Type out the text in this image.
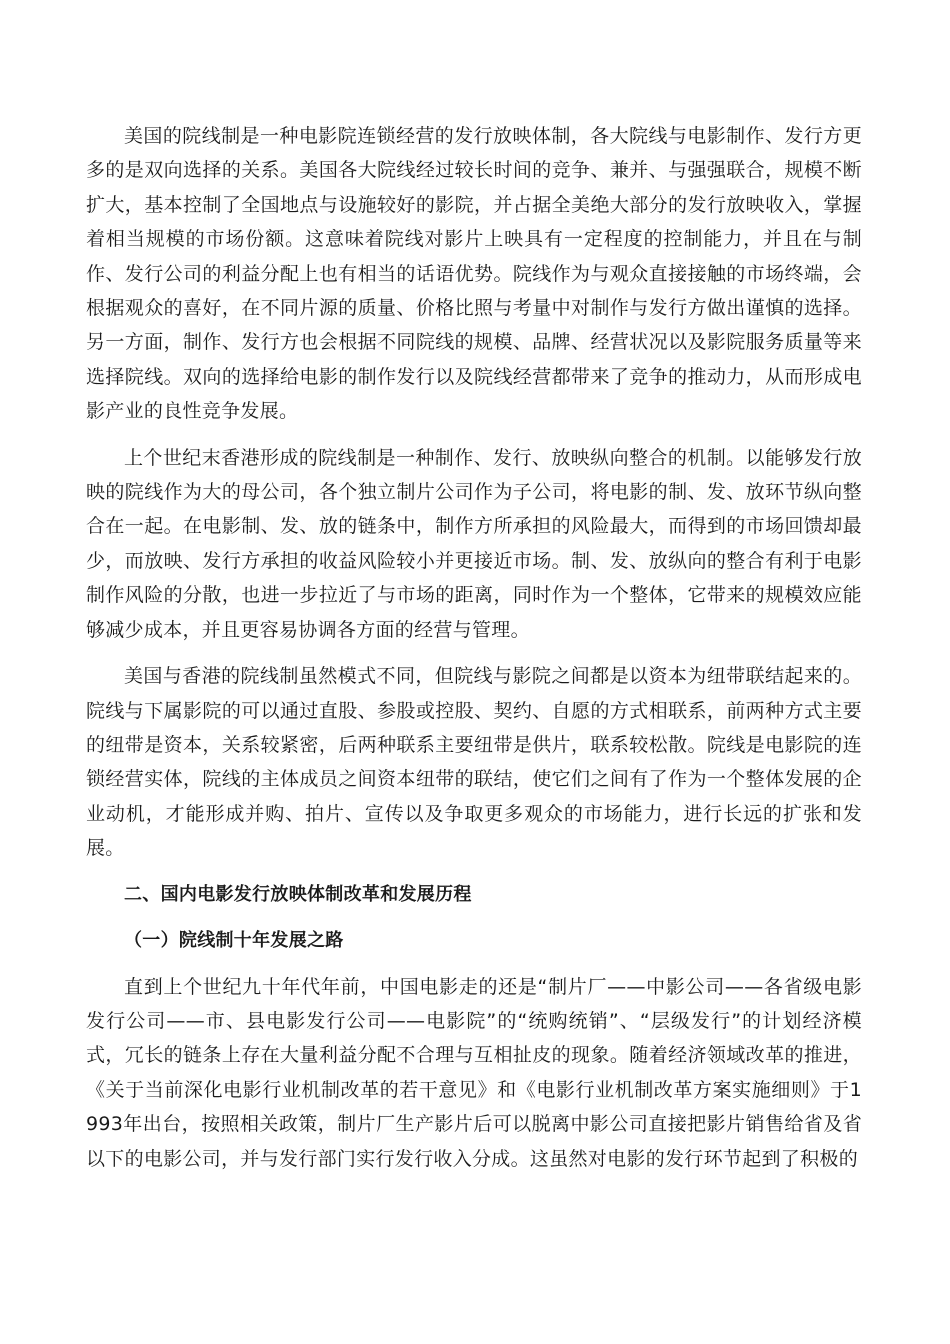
美国的院线制是一种电影院连锁经营的发行放映体制，各大院线与电影制作、发行方更多的是双向选择的关系。美国各大院线经过较长时间的竞争、兼并、与强强联合，规模不断扩大，基本控制了全国地点与设施较好的影院，并占据全美绝大部分的发行放映收入，掌握着相当规模的市场份额。这意味着院线对影片上映具有一定程度的控制能力，并且在与制作、发行公司的利益分配上也有相当的话语优势。院线作为与观众直接接触的市场终端，会根据观众的喜好，在不同片源的质量、价格比照与考量中对制作与发行方做出谨慎的选择。另一方面，制作、发行方也会根据不同院线的规模、品牌、经营状况以及影院服务质量等来选择院线。双向的选择给电影的制作发行以及院线经营都带来了竞争的推动力，从而形成电影产业的良性竞争发展。

上个世纪末香港形成的院线制是一种制作、发行、放映纵向整合的机制。以能够发行放映的院线作为大的母公司，各个独立制片公司作为子公司，将电影的制、发、放环节纵向整合在一起。在电影制、发、放的链条中，制作方所承担的风险最大，而得到的市场回馈却最少，而放映、发行方承担的收益风险较小并更接近市场。制、发、放纵向的整合有利于电影制作风险的分散，也进一步拉近了与市场的距离，同时作为一个整体，它带来的规模效应能够减少成本，并且更容易协调各方面的经营与管理。

美国与香港的院线制虽然模式不同，但院线与影院之间都是以资本为纽带联结起来的。院线与下属影院的可以通过直股、参股或控股、契约、自愿的方式相联系，前两种方式主要的纽带是资本，关系较紧密，后两种联系主要纽带是供片，联系较松散。院线是电影院的连锁经营实体，院线的主体成员之间资本纽带的联结，使它们之间有了作为一个整体发展的企业动机，才能形成并购、拍片、宣传以及争取更多观众的市场能力，进行长远的扩张和发展。

二、国内电影发行放映体制改革和发展历程

（一）院线制十年发展之路

直到上个世纪九十年代年前，中国电影走的还是“制片厂——中影公司——各省级电影发行公司——市、县电影发行公司——电影院”的“统购统销”、“层级发行”的计划经济模式，冗长的链条上存在大量利益分配不合理与互相扯皮的现象。随着经济领域改革的推进，《关于当前深化电影行业机制改革的若干意见》和《电影行业机制改革方案实施细则》于1993年出台，按照相关政策，制片厂生产影片后可以脱离中影公司直接把影片销售给省及省以下的电影公司，并与发行部门实行发行收入分成。这虽然对电影的发行环节起到了积极的
